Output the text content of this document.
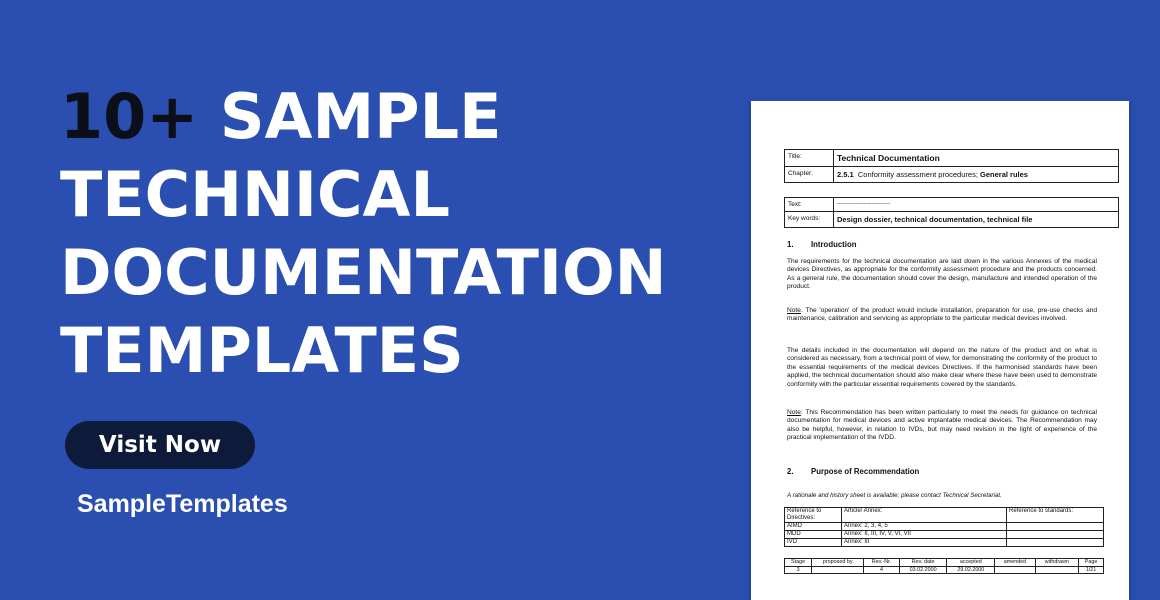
10+ SAMPLE
TECHNICAL
DOCUMENTATION
TEMPLATES
Visit Now
SampleTemplates
Title:	Technical Documentation
Chapter:	2.5.1 Conformity assessment procedures; General rules
Text:	--------------------------------
Key words:	Design dossier, technical documentation, technical file
1. Introduction
The requirements for the technical documentation are laid down in the various Annexes of the medical devices Directives, as appropriate for the conformity assessment procedure and the products concerned. As a general rule, the documentation should cover the design, manufacture and intended operation of the product.
Note. The 'operation' of the product would include installation, preparation for use, pre-use checks and maintenance, calibration and servicing as appropriate to the particular medical devices involved.
The details included in the documentation will depend on the nature of the product and on what is considered as necessary, from a technical point of view, for demonstrating the conformity of the product to the essential requirements of the medical devices Directives. If the harmonised standards have been applied, the technical documentation should also make clear where these have been used to demonstrate conformity with the particular essential requirements covered by the standards.
Note: This Recommendation has been written particularly to meet the needs for guidance on technical documentation for medical devices and active implantable medical devices. The Recommendation may also be helpful, however, in relation to IVDs, but may need revision in the light of experience of the practical implementation of the IVDD.
2. Purpose of Recommendation
A rationale and history sheet is available; please contact Technical Secretariat.
Reference to Directives:	Article/ Annex:	Reference to standards:
AIMD	Annex: 2, 3, 4, 5	
MDD	Annex: II, III, IV, V, VI, VII	
IVD	Annex: III	
Stage	proposed by	Rev.-Nr.	Rev. date	accepted	amended	withdrawn	Page
3		4	03.02.2000	29.02.2000			1/21
